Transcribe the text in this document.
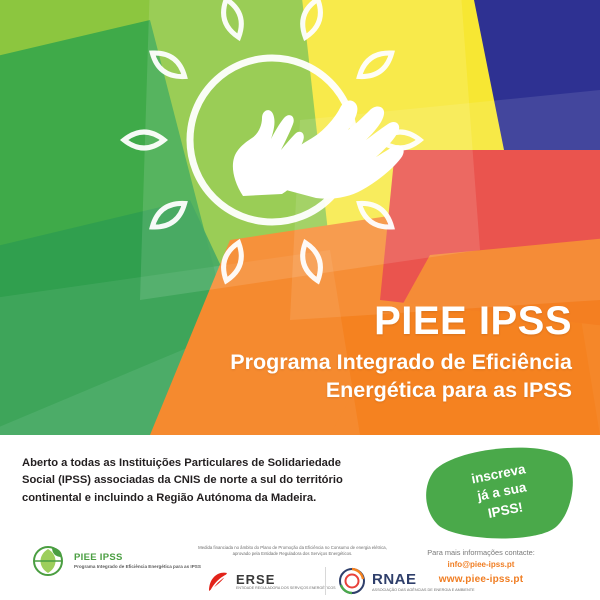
PIEE IPSS
Programa Integrado de Eficiência
Energética para as IPSS
Aberto a todas as Instituições Particulares de Solidariedade Social (IPSS) associadas da CNIS de norte a sul do território continental e incluindo a Região Autónoma da Madeira.
inscreva
já a sua
IPSS!
Para mais informações contacte:
info@piee-ipss.pt
www.piee-ipss.pt
PIEE IPSS
Programa Integrado de Eficiência Energética para as IPSS
Medida financiada no âmbito do Plano de Promoção da Eficiência no Consumo de energia elétrica, aprovado pela Entidade Reguladora dos Serviços Energéticos.
ERSE
ENTIDADE REGULADORA DOS SERVIÇOS ENERGÉTICOS
RNAE
ASSOCIAÇÃO DAS AGÊNCIAS DE ENERGIA E AMBIENTE
